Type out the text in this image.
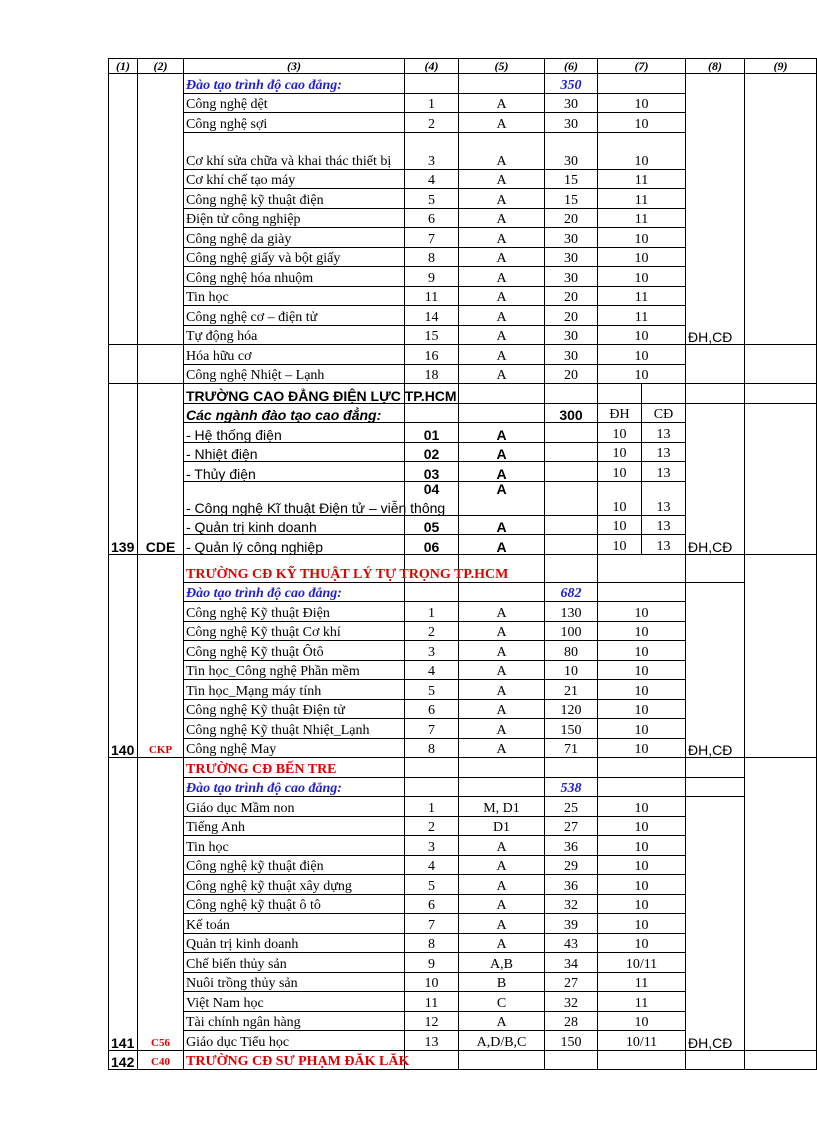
(1)	(2)	(3)	(4)	(5)	(6)	(7)		(8)	(9)
		Đào tạo trình độ cao đẳng:			350			ĐH,CĐ	
		Công nghệ dệt	1	A	30	10			
		Công nghệ sợi	2	A	30	10			
		Cơ khí sửa chữa và khai thác thiết bị	3	A	30	10			
		Cơ khí chế tạo máy	4	A	15	11			
		Công nghệ kỹ thuật điện	5	A	15	11			
		Điện tử công nghiệp	6	A	20	11			
		Công nghệ da giày	7	A	30	10			
		Công nghệ giấy và bột giấy	8	A	30	10			
		Công nghệ hóa nhuộm	9	A	30	10			
		Tin học	11	A	20	11			
		Công nghệ cơ – điện tử	14	A	20	11			
		Tự động hóa	15	A	30	10			
		Hóa hữu cơ	16	A	30	10			
		Công nghệ Nhiệt – Lạnh	18	A	20	10			
139	CDE	TRƯỜNG CAO ĐẲNG ĐIỆN LỰC TP.HCM							
		Các ngành đào tạo cao đẳng:			300	ĐH	CĐ	ĐH,CĐ	
		- Hệ thống điện	01	A		10	13		
		- Nhiệt điện	02	A		10	13		
		- Thủy điện	03	A		10	13		
		- Công nghệ Kĩ thuật Điện tử – viễn thông	04	A		10	13		
		- Quản trị kinh doanh	05	A		10	13		
		- Quản lý công nghiệp	06	A		10	13		
140	CKP	TRƯỜNG CĐ KỸ THUẬT LÝ TỰ TRỌNG TP.HCM							
		Đào tạo trình độ cao đẳng:			682			ĐH,CĐ	
		Công nghệ Kỹ thuật Điện	1	A	130	10			
		Công nghệ Kỹ thuật Cơ khí	2	A	100	10			
		Công nghệ Kỹ thuật Ôtô	3	A	80	10			
		Tin học_Công nghệ Phần mềm	4	A	10	10			
		Tin học_Mạng máy tính	5	A	21	10			
		Công nghệ Kỹ thuật Điện tử	6	A	120	10			
		Công nghệ Kỹ thuật Nhiệt_Lạnh	7	A	150	10			
		Công nghệ May	8	A	71	10			
141	C56	TRƯỜNG CĐ BẾN TRE							
		Đào tạo trình độ cao đẳng:			538				
		Giáo dục Mầm non	1	M, D1	25	10		ĐH,CĐ	
		Tiếng Anh	2	D1	27	10			
		Tin học	3	A	36	10			
		Công nghệ kỹ thuật điện	4	A	29	10			
		Công nghệ kỹ thuật xây dựng	5	A	36	10			
		Công nghệ kỹ thuật ô tô	6	A	32	10			
		Kế toán	7	A	39	10			
		Quản trị kinh doanh	8	A	43	10			
		Chế biến thủy sản	9	A,B	34	10/11			
		Nuôi trồng thủy sản	10	B	27	11			
		Việt Nam học	11	C	32	11			
		Tài chính ngân hàng	12	A	28	10			
		Giáo dục Tiểu học	13	A,D/B,C	150	10/11			
142	C40	TRƯỜNG CĐ SƯ PHẠM ĐĂK LĂK							
